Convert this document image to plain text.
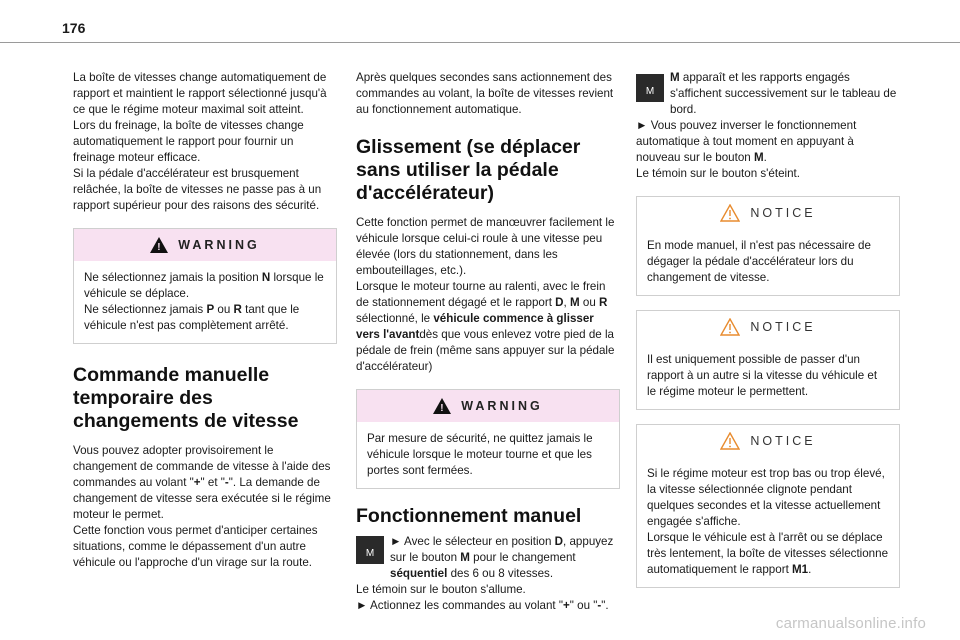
176

La boîte de vitesses change automatiquement de rapport et maintient le rapport sélectionné jusqu'à ce que le régime moteur maximal soit atteint.

Lors du freinage, la boîte de vitesses change automatiquement le rapport pour fournir un freinage moteur efficace.

Si la pédale d'accélérateur est brusquement relâchée, la boîte de vitesses ne passe pas à un rapport supérieur pour des raisons des sécurité.

!
WARNING

Ne sélectionnez jamais la position N lorsque le véhicule se déplace.

Ne sélectionnez jamais P ou R tant que le véhicule n'est pas complètement arrêté.

Commande manuelle temporaire des changements de vitesse

Vous pouvez adopter provisoirement le changement de commande de vitesse à l'aide des commandes au volant "+" et "-". La demande de changement de vitesse sera exécutée si le régime moteur le permet.

Cette fonction vous permet d'anticiper certaines situations, comme le dépassement d'un autre véhicule ou l'approche d'un virage sur la route.

Après quelques secondes sans actionnement des commandes au volant, la boîte de vitesses revient au fonctionnement automatique.

Glissement (se déplacer sans utiliser la pédale d'accélérateur)

Cette fonction permet de manœuvrer facilement le véhicule lorsque celui-ci roule à une vitesse peu élevée (lors du stationnement, dans les embouteillages, etc.).

Lorsque le moteur tourne au ralenti, avec le frein de stationnement dégagé et le rapport D, M ou R sélectionné, le véhicule commence à glisser vers l'avantdès que vous enlevez votre pied de la pédale de frein (même sans appuyer sur la pédale d'accélérateur)

!
WARNING

Par mesure de sécurité, ne quittez jamais le véhicule lorsque le moteur tourne et que les portes sont fermées.

Fonctionnement manuel
M

► Avec le sélecteur en position D, appuyez sur le bouton M pour le changement séquentiel des 6 ou 8 vitesses.

Le témoin sur le bouton s'allume.

► Actionnez les commandes au volant "+" ou "-".

M

M apparaît et les rapports engagés s'affichent successivement sur le tableau de bord.

► Vous pouvez inverser le fonctionnement automatique à tout moment en appuyant à nouveau sur le bouton M.

Le témoin sur le bouton s'éteint.

NOTICE

En mode manuel, il n'est pas nécessaire de dégager la pédale d'accélérateur lors du changement de vitesse.

NOTICE

Il est uniquement possible de passer d'un rapport à un autre si la vitesse du véhicule et le régime moteur le permettent.

NOTICE

Si le régime moteur est trop bas ou trop élevé, la vitesse sélectionnée clignote pendant quelques secondes et la vitesse actuellement engagée s'affiche.

Lorsque le véhicule est à l'arrêt ou se déplace très lentement, la boîte de vitesses sélectionne automatiquement le rapport M1.

carmanualsonline.info
